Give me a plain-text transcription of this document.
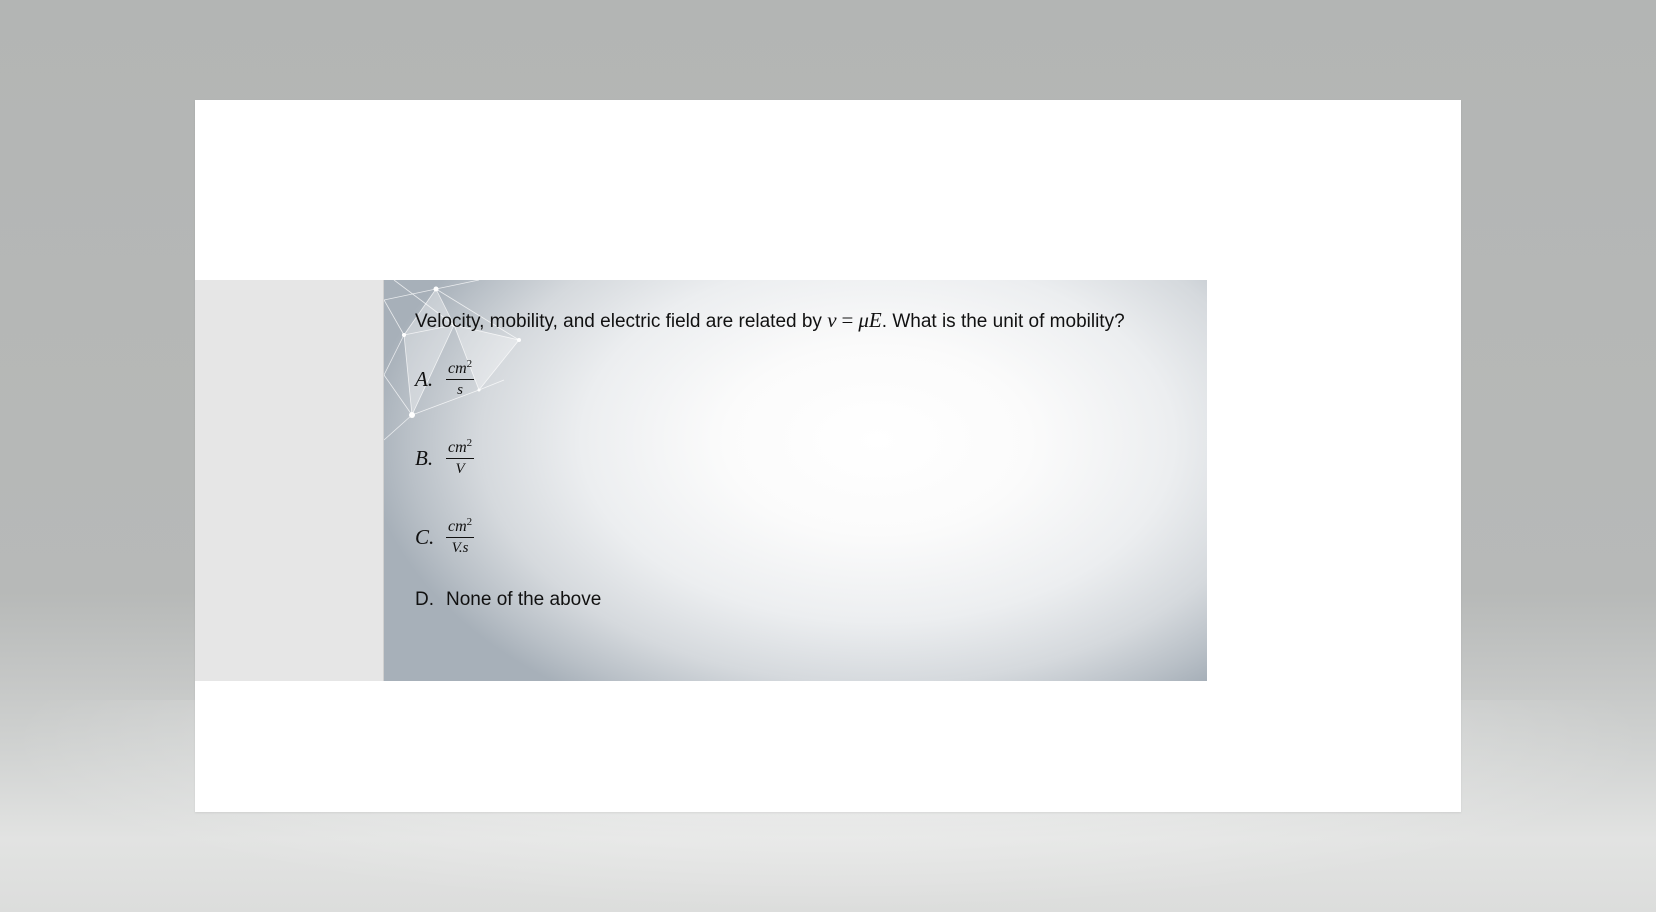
Velocity, mobility, and electric field are related by v = μE. What is the unit of mobility?
A. $\frac{cm^2}{s}$
B. $\frac{cm^2}{V}$
C. $\frac{cm^2}{V.s}$
D. None of the above
